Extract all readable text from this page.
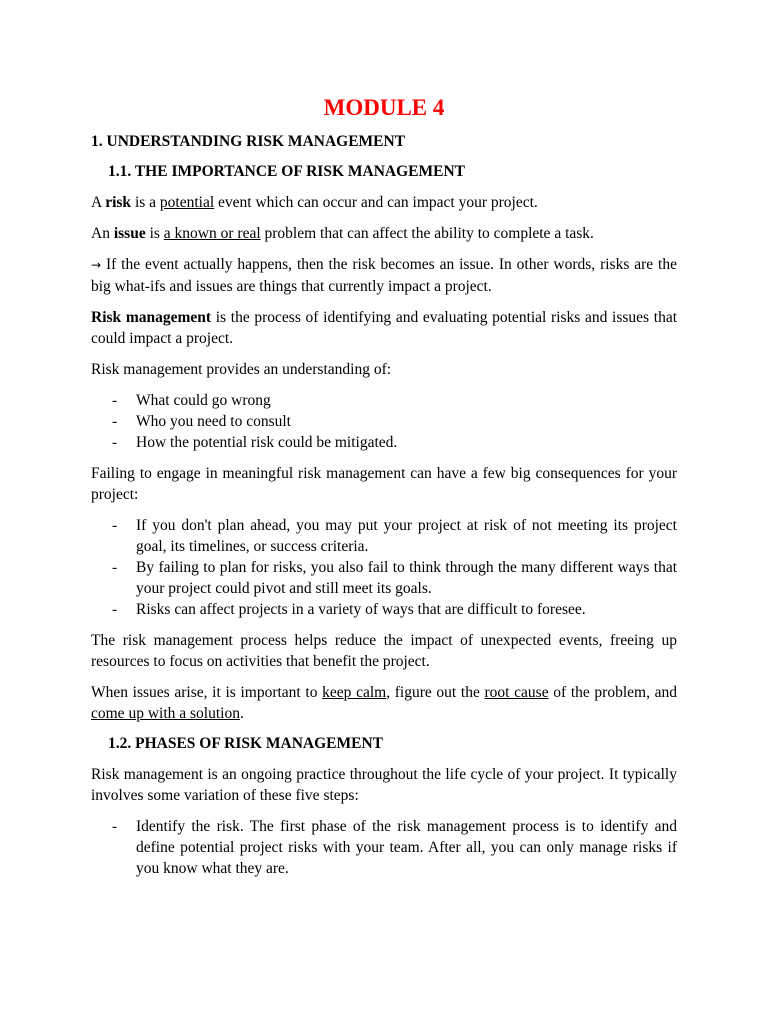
MODULE 4
1. UNDERSTANDING RISK MANAGEMENT
1.1. THE IMPORTANCE OF RISK MANAGEMENT

A risk is a potential event which can occur and can impact your project.

An issue is a known or real problem that can affect the ability to complete a task.

→ If the event actually happens, then the risk becomes an issue. In other words, risks are the big what-ifs and issues are things that currently impact a project.

Risk management is the process of identifying and evaluating potential risks and issues that could impact a project.

Risk management provides an understanding of:

- What could go wrong
- Who you need to consult
- How the potential risk could be mitigated.

Failing to engage in meaningful risk management can have a few big consequences for your project:

- If you don't plan ahead, you may put your project at risk of not meeting its project goal, its timelines, or success criteria.
- By failing to plan for risks, you also fail to think through the many different ways that your project could pivot and still meet its goals.
- Risks can affect projects in a variety of ways that are difficult to foresee.

The risk management process helps reduce the impact of unexpected events, freeing up resources to focus on activities that benefit the project.

When issues arise, it is important to keep calm, figure out the root cause of the problem, and come up with a solution.

1.2. PHASES OF RISK MANAGEMENT

Risk management is an ongoing practice throughout the life cycle of your project. It typically involves some variation of these five steps:

- Identify the risk. The first phase of the risk management process is to identify and define potential project risks with your team. After all, you can only manage risks if you know what they are.
